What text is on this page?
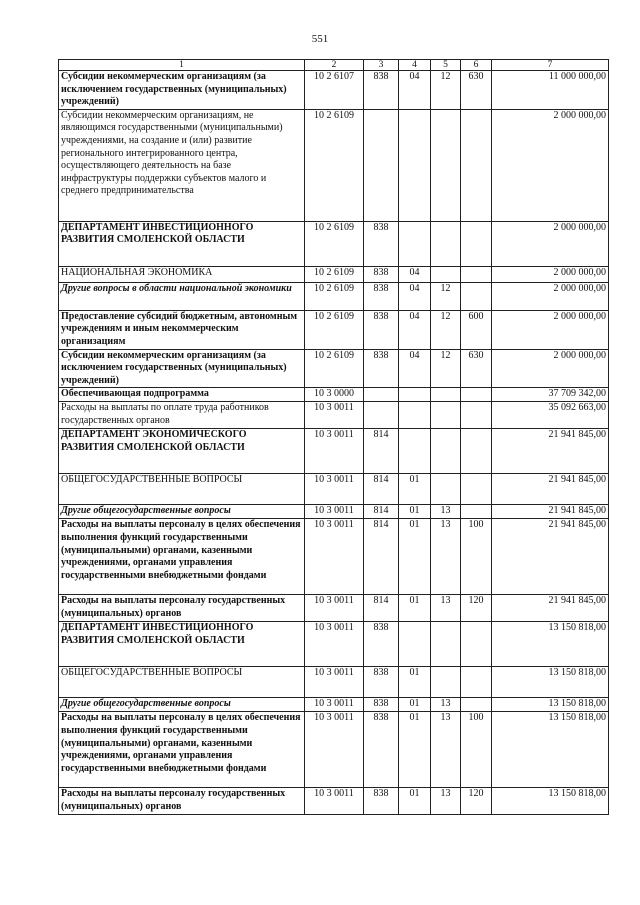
551
1	2	3	4	5	6	7
Субсидии некоммерческим организациям (за исключением государственных (муниципальных) учреждений)	10 2 6107	838	04	12	630	11 000 000,00
Субсидии некоммерческим организациям, не являющимся государственными (муниципальными) учреждениями, на создание и (или) развитие регионального интегрированного центра, осуществляющего деятельность на базе инфраструктуры поддержки субъектов малого и среднего предпринимательства	10 2 6109					2 000 000,00
ДЕПАРТАМЕНТ ИНВЕСТИЦИОННОГО РАЗВИТИЯ СМОЛЕНСКОЙ ОБЛАСТИ	10 2 6109	838				2 000 000,00
НАЦИОНАЛЬНАЯ ЭКОНОМИКА	10 2 6109	838	04			2 000 000,00
Другие вопросы в области национальной экономики	10 2 6109	838	04	12		2 000 000,00
Предоставление субсидий бюджетным, автономным учреждениям и иным некоммерческим организациям	10 2 6109	838	04	12	600	2 000 000,00
Субсидии некоммерческим организациям (за исключением государственных (муниципальных) учреждений)	10 2 6109	838	04	12	630	2 000 000,00
Обеспечивающая подпрограмма	10 3 0000					37 709 342,00
Расходы на выплаты по оплате труда работников государственных органов	10 3 0011					35 092 663,00
ДЕПАРТАМЕНТ ЭКОНОМИЧЕСКОГО РАЗВИТИЯ СМОЛЕНСКОЙ ОБЛАСТИ	10 3 0011	814				21 941 845,00
ОБЩЕГОСУДАРСТВЕННЫЕ ВОПРОСЫ	10 3 0011	814	01			21 941 845,00
Другие общегосударственные вопросы	10 3 0011	814	01	13		21 941 845,00
Расходы на выплаты персоналу в целях обеспечения выполнения функций государственными (муниципальными) органами, казенными учреждениями, органами управления государственными внебюджетными фондами	10 3 0011	814	01	13	100	21 941 845,00
Расходы на выплаты персоналу государственных (муниципальных) органов	10 3 0011	814	01	13	120	21 941 845,00
ДЕПАРТАМЕНТ ИНВЕСТИЦИОННОГО РАЗВИТИЯ СМОЛЕНСКОЙ ОБЛАСТИ	10 3 0011	838				13 150 818,00
ОБЩЕГОСУДАРСТВЕННЫЕ ВОПРОСЫ	10 3 0011	838	01			13 150 818,00
Другие общегосударственные вопросы	10 3 0011	838	01	13		13 150 818,00
Расходы на выплаты персоналу в целях обеспечения выполнения функций государственными (муниципальными) органами, казенными учреждениями, органами управления государственными внебюджетными фондами	10 3 0011	838	01	13	100	13 150 818,00
Расходы на выплаты персоналу государственных (муниципальных) органов	10 3 0011	838	01	13	120	13 150 818,00
